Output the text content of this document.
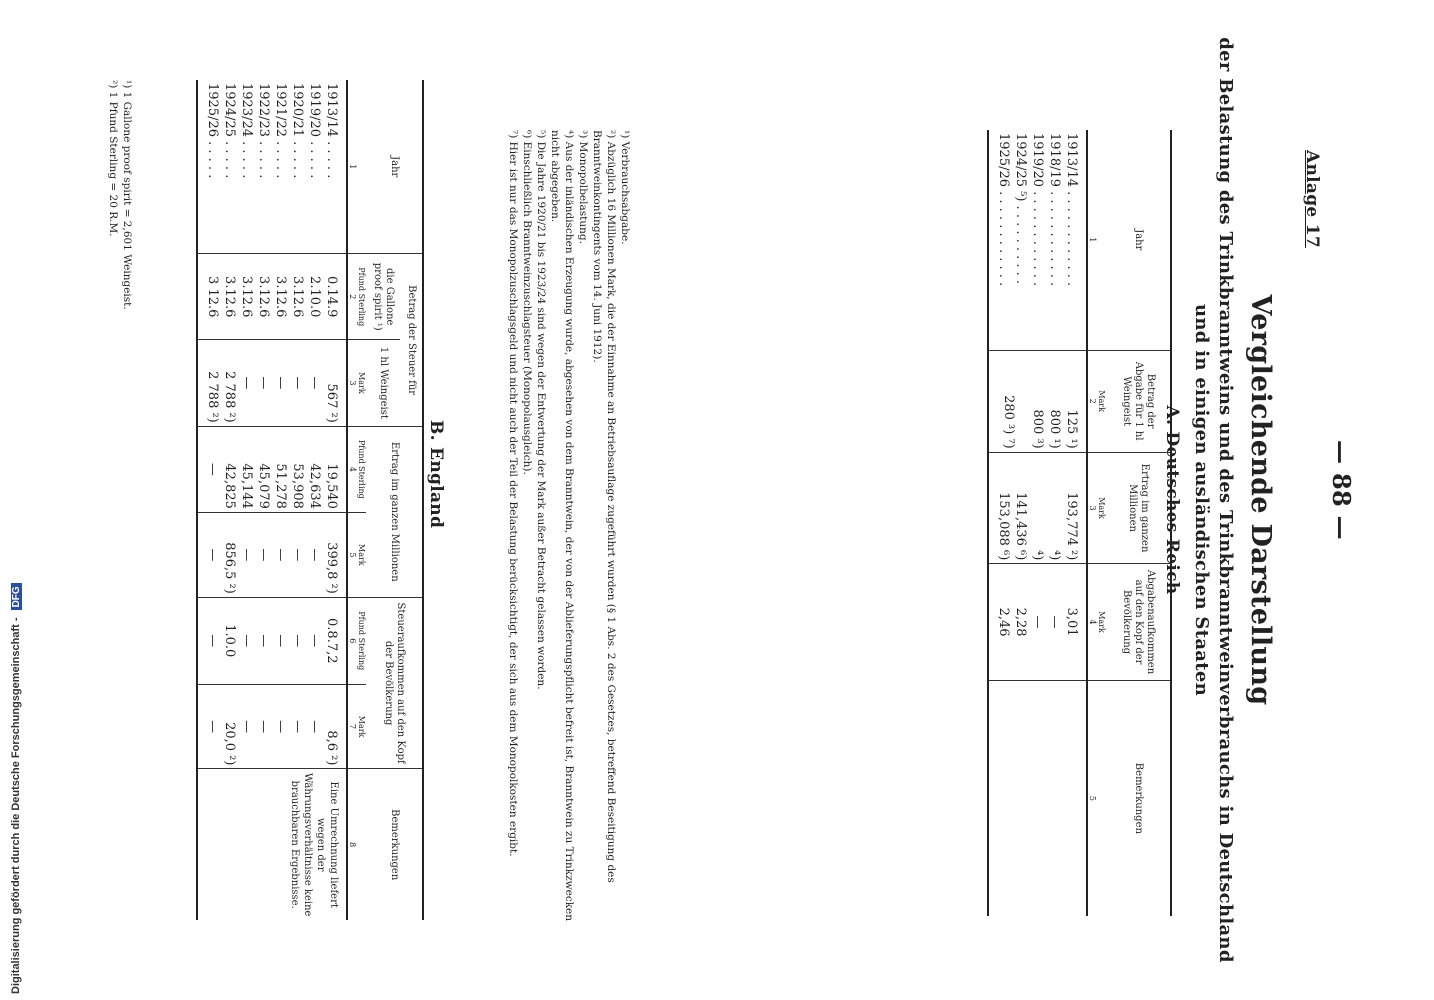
— 88 —
Anlage 17
Vergleichende Darstellung
der Belastung des Trinkbranntweins und des Trinkbranntweinverbrauchs in Deutschland
und in einigen ausländischen Staaten
A. Deutsches Reich
Jahr	Betrag der Abgabe für 1 hl Weingeist	Ertrag im ganzen Millionen	Abgabenaufkommen auf den Kopf der Bevölkerung	Bemerkungen
	Mark	Mark	Mark	
1	2	3	4	5
1913/14 . . . . . . . . . . . .	125 ¹)	193,774 ²)	3,01	
1918/19 . . . . . . . . . . . .	800 ¹)	⁴)	—	
1919/20 . . . . . . . . . . . .	800 ³)	⁴)	—	
1924/25 ⁵) . . . . . . . . . .	280 ³) ⁷)	141,436 ⁶)	2,28	
1925/26 . . . . . . . . . . . .		153,088 ⁶)	2,46	
¹) Verbrauchsabgabe.
²) Abzüglich 16 Millionen Mark, die der Einnahme an Betriebsauflage zugeführt wurden (§ 1 Abs. 2 des Gesetzes, betreffend Beseitigung des Branntweinkontingents vom 14. Juni 1912).
³) Monopolbelastung.
⁴) Aus der inländischen Erzeugung wurde, abgesehen von dem Branntwein, der von der Ablieferungspflicht befreit ist, Branntwein zu Trinkzwecken nicht abgegeben.
⁵) Die Jahre 1920/21 bis 1923/24 sind wegen der Entwertung der Mark außer Betracht gelassen worden.
⁶) Einschließlich Branntweinzuschlagsteuer (Monopolausgleich).
⁷) Hier ist nur das Monopolzuschlagsgeld und nicht auch der Teil der Belastung berücksichtigt, der sich aus dem Monopolkosten ergibt.
B. England
Jahr	Betrag der Steuer für		Ertrag im ganzen Millionen		Steueraufkommen auf den Kopf der Bevölkerung		Bemerkungen
	die Gallone proof spirit ¹)	1 hl Weingeist					
	Pfund Sterling	Mark	Pfund Sterling	Mark	Pfund Sterling	Mark	
1	2	3	4	5	6	7	8
1913/14 . . . . .	0.14.9	567 ²)	19,540	399,8 ²)	0.8.7,2	8,6 ²)	Eine Umrechnung liefert wegen der Währungsverhältnisse keine brauchbaren Ergebnisse.
1919/20 . . . . .	2.10.0	—	42,634	—	—	—	
1920/21 . . . . .	3.12.6	—	53,908	—	—	—	
1921/22 . . . . .	3.12.6	—	51,278	—	—	—	
1922/23 . . . . .	3.12.6	—	45,079	—	—	—	
1923/24 . . . . .	3.12.6	—	45,144	—	—	—	
1924/25 . . . . .	3.12.6	2 788 ²)	42,825	856,5 ²)	1.0.0	20,0 ²)	
1925/26 . . . . .	3 12.6	2 788 ²)	—	—	—	—	
¹) 1 Gallone proof spirit = 2,601 Weingeist.
²) 1 Pfund Sterling = 20 R.M.
Digitalisierung gefördert durch die Deutsche Forschungsgemeinschaft - DFG
